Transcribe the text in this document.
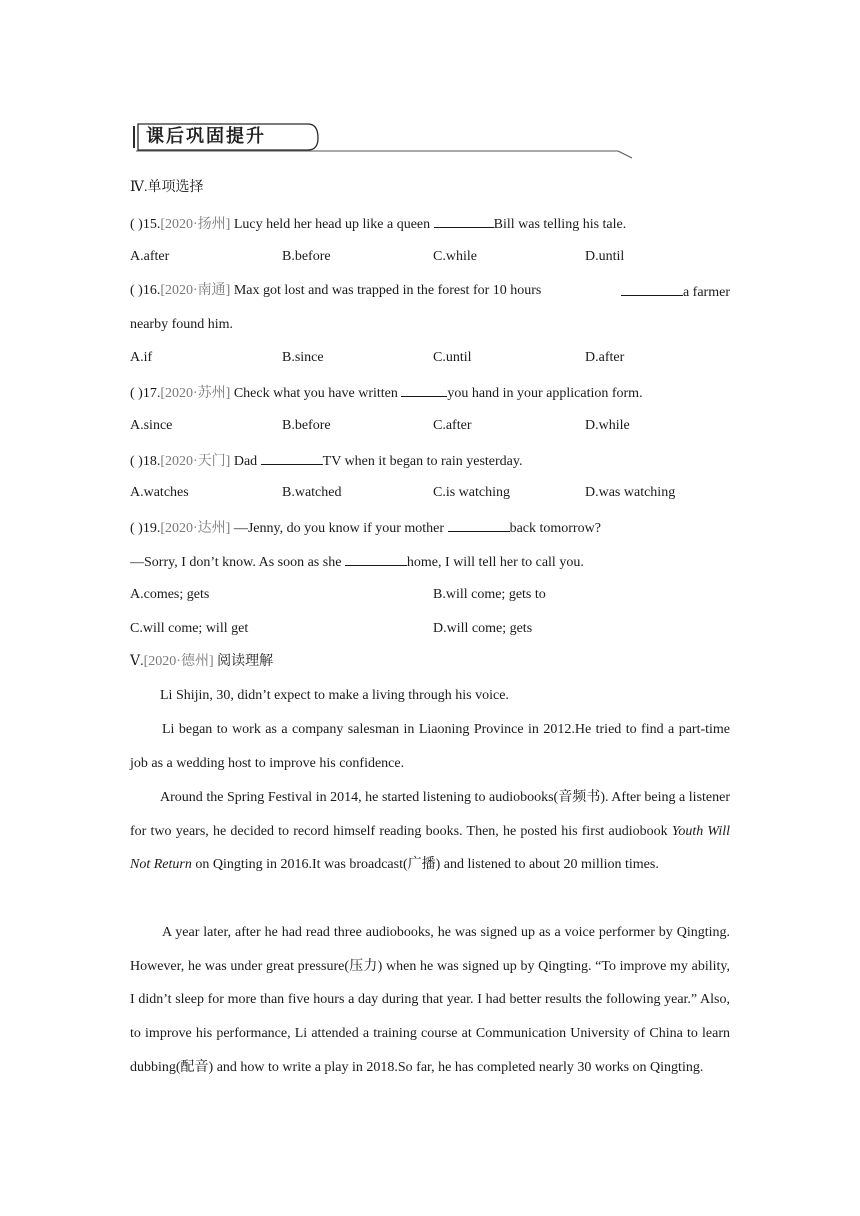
课后巩固提升
Ⅳ.单项选择
( )15.[2020·扬州] Lucy held her head up like a queen	Bill was telling his tale.
A.after	B.before	C.while	D.until
( )16.[2020·南通] Max got lost and was trapped in the forest for 10 hours	a farmer
nearby found him.
A.if	B.since	C.until	D.after
( )17.[2020·苏州] Check what you have written	you hand in your application form.
A.since	B.before	C.after	D.while
( )18.[2020·天门] Dad	TV when it began to rain yesterday.
A.watches	B.watched	C.is watching	D.was watching
( )19.[2020·达州] —Jenny, do you know if your mother	back tomorrow?
—Sorry, I don’t know. As soon as she	home, I will tell her to call you.
A.comes; gets	B.will come; gets to
C.will come; will get	D.will come; gets
Ⅴ.[2020·德州] 阅读理解
Li Shijin, 30, didn’t expect to make a living through his voice.
Li began to work as a company salesman in Liaoning Province in 2012.He tried to find a part-time job as a wedding host to improve his confidence.
Around the Spring Festival in 2014, he started listening to audiobooks(音频书). After being a listener for two years, he decided to record himself reading books. Then, he posted his first audiobook Youth Will Not Return on Qingting in 2016.It was broadcast(广播) and listened to about 20 million times.
A year later, after he had read three audiobooks, he was signed up as a voice performer by Qingting. However, he was under great pressure(压力) when he was signed up by Qingting. “To improve my ability, I didn’t sleep for more than five hours a day during that year. I had better results the following year.” Also, to improve his performance, Li attended a training course at Communication University of China to learn dubbing(配音) and how to write a play in 2018.So far, he has completed nearly 30 works on Qingting.
